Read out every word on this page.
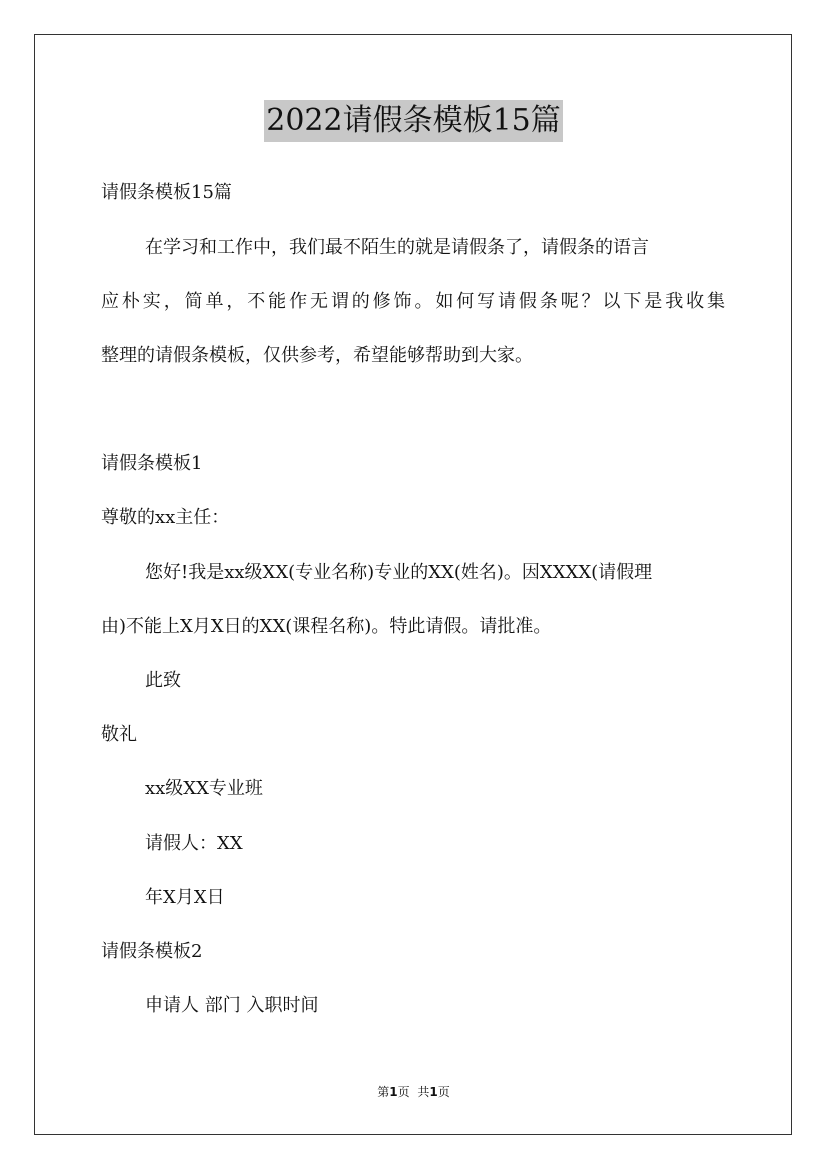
2022请假条模板15篇
请假条模板15篇
在学习和工作中，我们最不陌生的就是请假条了，请假条的语言
应朴实，简单，不能作无谓的修饰。如何写请假条呢？以下是我收集
整理的请假条模板，仅供参考，希望能够帮助到大家。
请假条模板1
尊敬的xx主任：
您好!我是xx级XX(专业名称)专业的XX(姓名)。因XXXX(请假理
由)不能上X月X日的XX(课程名称)。特此请假。请批准。
此致
敬礼
xx级XX专业班
请假人：XX
年X月X日
请假条模板2
申请人 部门 入职时间
第1页 共1页
